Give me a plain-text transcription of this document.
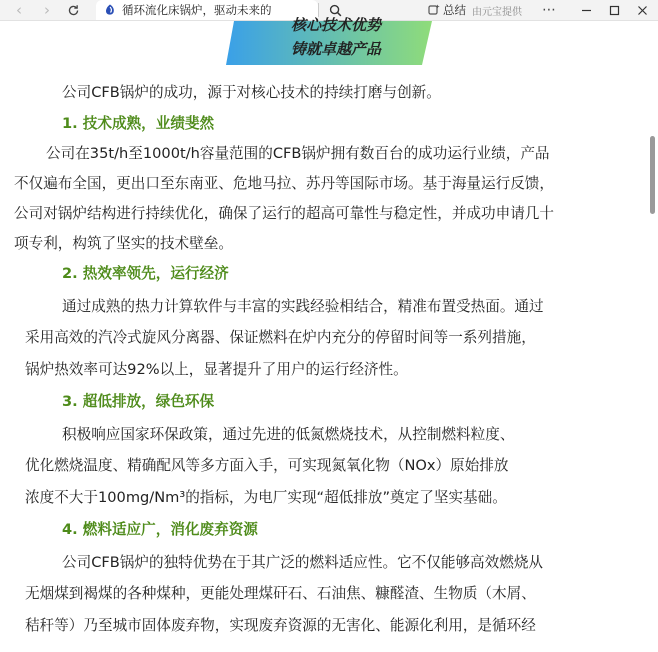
‹ ›	循环流化床锅炉，驱动未来的	总结 由元宝提供 ⋯
核心技术优势
铸就卓越产品
公司CFB锅炉的成功，源于对核心技术的持续打磨与创新。
1. 技术成熟，业绩斐然
公司在35t/h至1000t/h容量范围的CFB锅炉拥有数百台的成功运行业绩，产品
不仅遍布全国，更出口至东南亚、危地马拉、苏丹等国际市场。基于海量运行反馈，
公司对锅炉结构进行持续优化，确保了运行的超高可靠性与稳定性，并成功申请几十
项专利，构筑了坚实的技术壁垒。
2. 热效率领先，运行经济
通过成熟的热力计算软件与丰富的实践经验相结合，精准布置受热面。通过
采用高效的汽冷式旋风分离器、保证燃料在炉内充分的停留时间等一系列措施，
锅炉热效率可达92%以上，显著提升了用户的运行经济性。
3. 超低排放，绿色环保
积极响应国家环保政策，通过先进的低氮燃烧技术，从控制燃料粒度、
优化燃烧温度、精确配风等多方面入手，可实现氮氧化物（NOx）原始排放
浓度不大于100mg/Nm³的指标，为电厂实现“超低排放”奠定了坚实基础。
4. 燃料适应广，消化废弃资源
公司CFB锅炉的独特优势在于其广泛的燃料适应性。它不仅能够高效燃烧从
无烟煤到褐煤的各种煤种，更能处理煤矸石、石油焦、糠醛渣、生物质（木屑、
秸秆等）乃至城市固体废弃物，实现废弃资源的无害化、能源化利用，是循环经
